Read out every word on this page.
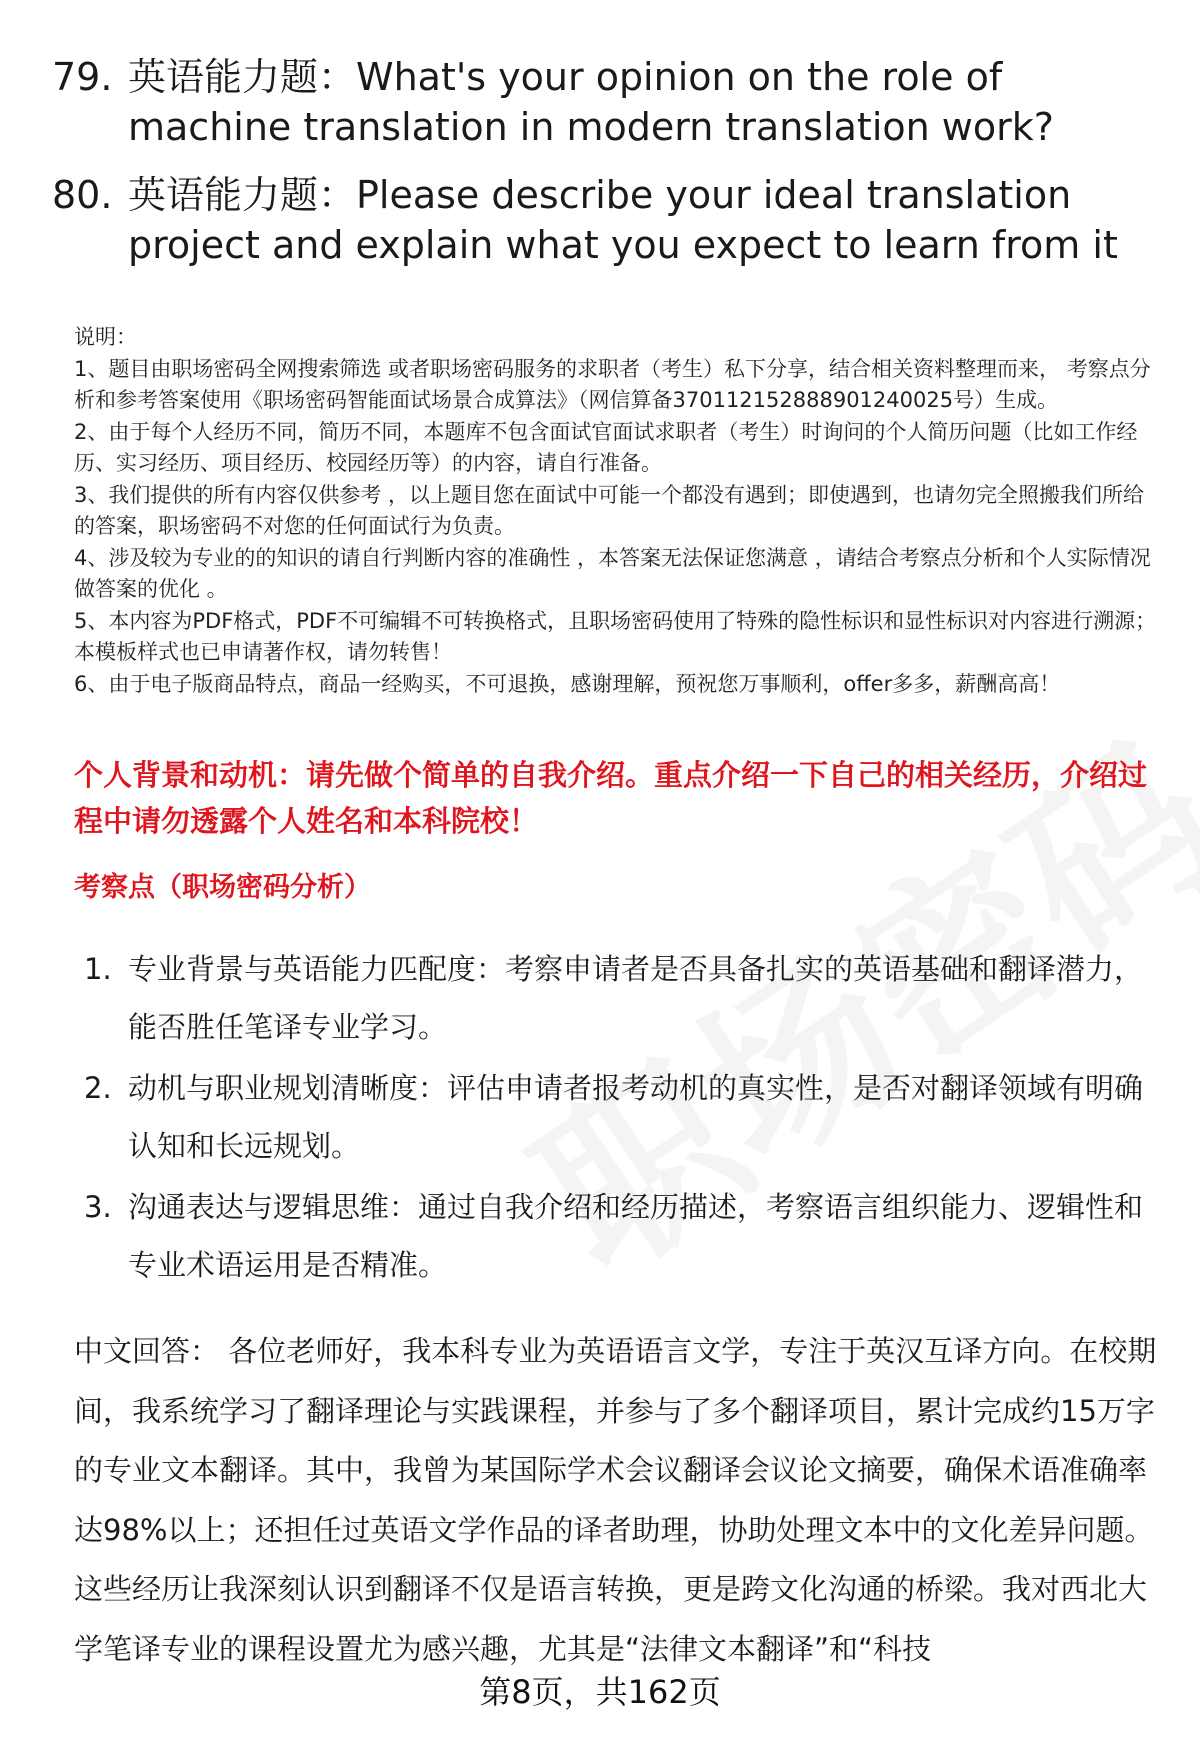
79. 英语能力题：What's your opinion on the role of machine translation in modern translation work?
80. 英语能力题：Please describe your ideal translation project and explain what you expect to learn from it

说明：

1、题目由职场密码全网搜索筛选 或者职场密码服务的求职者（考生）私下分享，结合相关资料整理而来， 考察点分析和参考答案使用《职场密码智能面试场景合成算法》（网信算备370112152888901240025号）生成。

2、由于每个人经历不同，简历不同，本题库不包含面试官面试求职者（考生）时询问的个人简历问题（比如工作经历、实习经历、项目经历、校园经历等）的内容，请自行准备。

3、我们提供的所有内容仅供参考 ，以上题目您在面试中可能一个都没有遇到；即使遇到，也请勿完全照搬我们所给的答案，职场密码不对您的任何面试行为负责。

4、涉及较为专业的的知识的请自行判断内容的准确性 ，本答案无法保证您满意 ，请结合考察点分析和个人实际情况做答案的优化 。

5、本内容为PDF格式，PDF不可编辑不可转换格式，且职场密码使用了特殊的隐性标识和显性标识对内容进行溯源；本模板样式也已申请著作权，请勿转售！

6、由于电子版商品特点，商品一经购买，不可退换，感谢理解，预祝您万事顺利，offer多多，薪酬高高！

个人背景和动机：请先做个简单的自我介绍。重点介绍一下自己的相关经历，介绍过程中请勿透露个人姓名和本科院校！
考察点（职场密码分析）
1. 专业背景与英语能力匹配度：考察申请者是否具备扎实的英语基础和翻译潜力，能否胜任笔译专业学习。
2. 动机与职业规划清晰度：评估申请者报考动机的真实性，是否对翻译领域有明确认知和长远规划。
3. 沟通表达与逻辑思维：通过自我介绍和经历描述，考察语言组织能力、逻辑性和专业术语运用是否精准。
中文回答： 各位老师好，我本科专业为英语语言文学，专注于英汉互译方向。在校期间，我系统学习了翻译理论与实践课程，并参与了多个翻译项目，累计完成约15万字的专业文本翻译。其中，我曾为某国际学术会议翻译会议论文摘要，确保术语准确率达98%以上；还担任过英语文学作品的译者助理，协助处理文本中的文化差异问题。这些经历让我深刻认识到翻译不仅是语言转换，更是跨文化沟通的桥梁。我对西北大学笔译专业的课程设置尤为感兴趣，尤其是“法律文本翻译”和“科技
第8页，共162页
